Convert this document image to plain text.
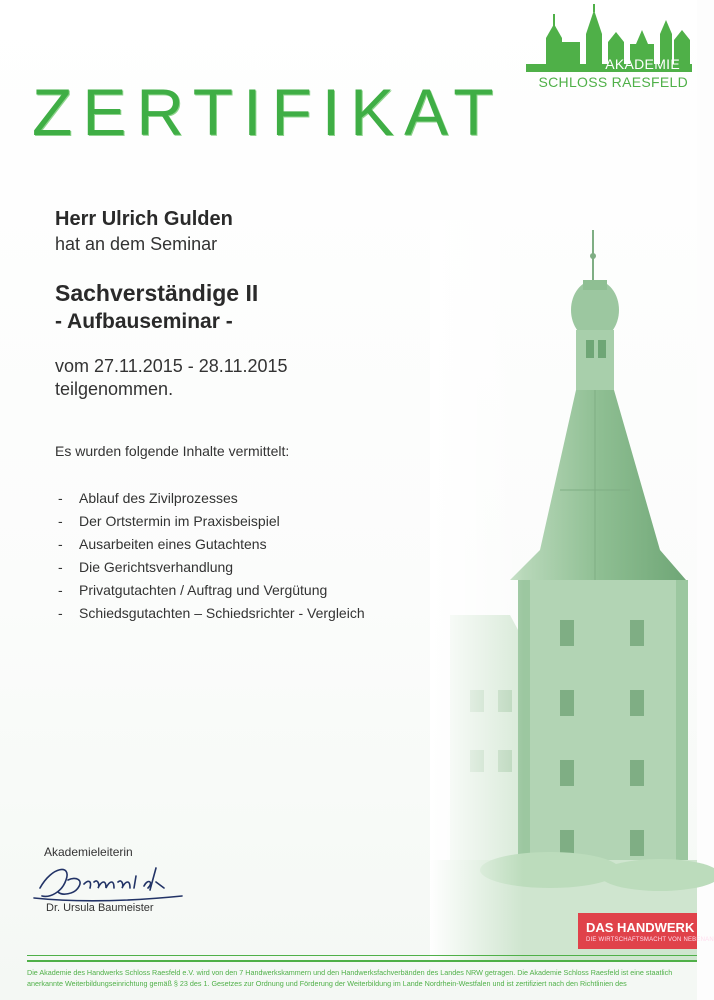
AKADEMIE
SCHLOSS RAESFELD
ZERTIFIKAT
Herr Ulrich Gulden
hat an dem Seminar
Sachverständige II
- Aufbauseminar -
vom 27.11.2015 - 28.11.2015
teilgenommen.
Es wurden folgende Inhalte vermittelt:
- Ablauf des Zivilprozesses
- Der Ortstermin im Praxisbeispiel
- Ausarbeiten eines Gutachtens
- Die Gerichtsverhandlung
- Privatgutachten / Auftrag und Vergütung
- Schiedsgutachten – Schiedsrichter - Vergleich
Akademieleiterin
Dr. Ursula Baumeister
DAS HANDWERK
DIE WIRTSCHAFTSMACHT VON NEBENAN
Die Akademie des Handwerks Schloss Raesfeld e.V. wird von den 7 Handwerkskammern und den Handwerksfachverbänden des Landes NRW getragen. Die Akademie Schloss Raesfeld ist eine staatlich anerkannte Weiterbildungseinrichtung gemäß § 23 des 1. Gesetzes zur Ordnung und Förderung der Weiterbildung im Lande Nordrhein-Westfalen und ist zertifiziert nach den Richtlinien des
